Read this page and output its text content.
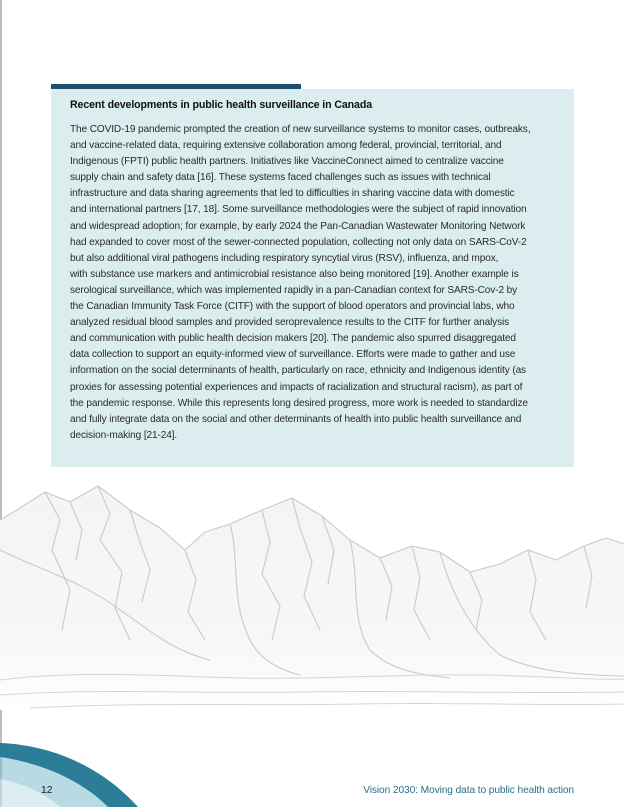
Recent developments in public health surveillance in Canada
The COVID-19 pandemic prompted the creation of new surveillance systems to monitor cases, outbreaks,
and vaccine-related data, requiring extensive collaboration among federal, provincial, territorial, and
Indigenous (FPTI) public health partners. Initiatives like VaccineConnect aimed to centralize vaccine
supply chain and safety data [16]. These systems faced challenges such as issues with technical
infrastructure and data sharing agreements that led to difficulties in sharing vaccine data with domestic
and international partners [17, 18]. Some surveillance methodologies were the subject of rapid innovation
and widespread adoption; for example, by early 2024 the Pan-Canadian Wastewater Monitoring Network
had expanded to cover most of the sewer-connected population, collecting not only data on SARS-CoV-2
but also additional viral pathogens including respiratory syncytial virus (RSV), influenza, and mpox,
with substance use markers and antimicrobial resistance also being monitored [19]. Another example is
serological surveillance, which was implemented rapidly in a pan-Canadian context for SARS-Cov-2 by
the Canadian Immunity Task Force (CITF) with the support of blood operators and provincial labs, who
analyzed residual blood samples and provided seroprevalence results to the CITF for further analysis
and communication with public health decision makers [20]. The pandemic also spurred disaggregated
data collection to support an equity-informed view of surveillance. Efforts were made to gather and use
information on the social determinants of health, particularly on race, ethnicity and Indigenous identity (as
proxies for assessing potential experiences and impacts of racialization and structural racism), as part of
the pandemic response. While this represents long desired progress, more work is needed to standardize
and fully integrate data on the social and other determinants of health into public health surveillance and
decision-making [21-24].
12	Vision 2030: Moving data to public health action
